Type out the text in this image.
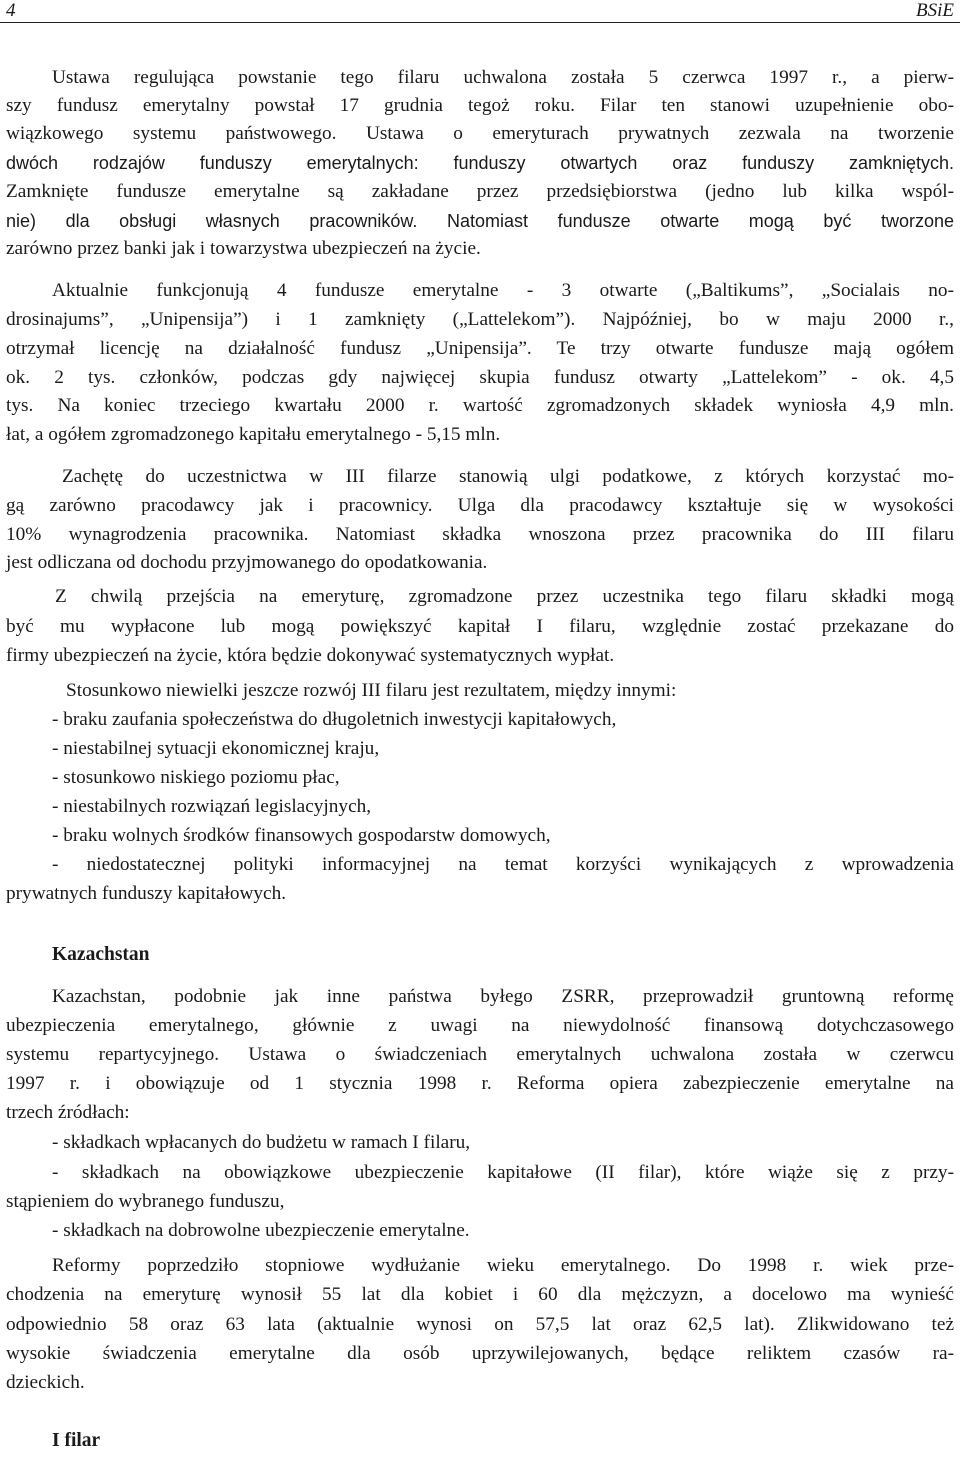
4	BSiE
Ustawa regulująca powstanie tego filaru uchwalona została 5 czerwca 1997 r., a pierw-
szy fundusz emerytalny powstał 17 grudnia tegoż roku. Filar ten stanowi uzupełnienie obo-
wiązkowego systemu państwowego. Ustawa o emeryturach prywatnych zezwala na tworzenie
dwóch rodzajów funduszy emerytalnych: funduszy otwartych oraz funduszy zamkniętych.
Zamknięte fundusze emerytalne są zakładane przez przedsiębiorstwa (jedno lub kilka wspól-
nie) dla obsługi własnych pracowników. Natomiast fundusze otwarte mogą być tworzone
zarówno przez banki jak i towarzystwa ubezpieczeń na życie.
Aktualnie funkcjonują 4 fundusze emerytalne - 3 otwarte („Baltikums”, „Socialais no-
drosinajums”, „Unipensija”) i 1 zamknięty („Lattelekom”). Najpóźniej, bo w maju 2000 r.,
otrzymał licencję na działalność fundusz „Unipensija”. Te trzy otwarte fundusze mają ogółem
ok. 2 tys. członków, podczas gdy najwięcej skupia fundusz otwarty „Lattelekom” - ok. 4,5
tys. Na koniec trzeciego kwartału 2000 r. wartość zgromadzonych składek wyniosła 4,9 mln.
łat, a ogółem zgromadzonego kapitału emerytalnego - 5,15 mln.
Zachętę do uczestnictwa w III filarze stanowią ulgi podatkowe, z których korzystać mo-
gą zarówno pracodawcy jak i pracownicy. Ulga dla pracodawcy kształtuje się w wysokości
10% wynagrodzenia pracownika. Natomiast składka wnoszona przez pracownika do III filaru
jest odliczana od dochodu przyjmowanego do opodatkowania.
Z chwilą przejścia na emeryturę, zgromadzone przez uczestnika tego filaru składki mogą
być mu wypłacone lub mogą powiększyć kapitał I filaru, względnie zostać przekazane do
firmy ubezpieczeń na życie, która będzie dokonywać systematycznych wypłat.
Stosunkowo niewielki jeszcze rozwój III filaru jest rezultatem, między innymi:
- braku zaufania społeczeństwa do długoletnich inwestycji kapitałowych,
- niestabilnej sytuacji ekonomicznej kraju,
- stosunkowo niskiego poziomu płac,
- niestabilnych rozwiązań legislacyjnych,
- braku wolnych środków finansowych gospodarstw domowych,
- niedostatecznej polityki informacyjnej na temat korzyści wynikających z wprowadzenia
prywatnych funduszy kapitałowych.
Kazachstan
Kazachstan, podobnie jak inne państwa byłego ZSRR, przeprowadził gruntowną reformę
ubezpieczenia emerytalnego, głównie z uwagi na niewydolność finansową dotychczasowego
systemu repartycyjnego. Ustawa o świadczeniach emerytalnych uchwalona została w czerwcu
1997 r. i obowiązuje od 1 stycznia 1998 r. Reforma opiera zabezpieczenie emerytalne na
trzech źródłach:
- składkach wpłacanych do budżetu w ramach I filaru,
- składkach na obowiązkowe ubezpieczenie kapitałowe (II filar), które wiąże się z przy-
stąpieniem do wybranego funduszu,
- składkach na dobrowolne ubezpieczenie emerytalne.
Reformy poprzedziło stopniowe wydłużanie wieku emerytalnego. Do 1998 r. wiek prze-
chodzenia na emeryturę wynosił 55 lat dla kobiet i 60 dla mężczyzn, a docelowo ma wynieść
odpowiednio 58 oraz 63 lata (aktualnie wynosi on 57,5 lat oraz 62,5 lat). Zlikwidowano też
wysokie świadczenia emerytalne dla osób uprzywilejowanych, będące reliktem czasów ra-
dzieckich.
I filar
